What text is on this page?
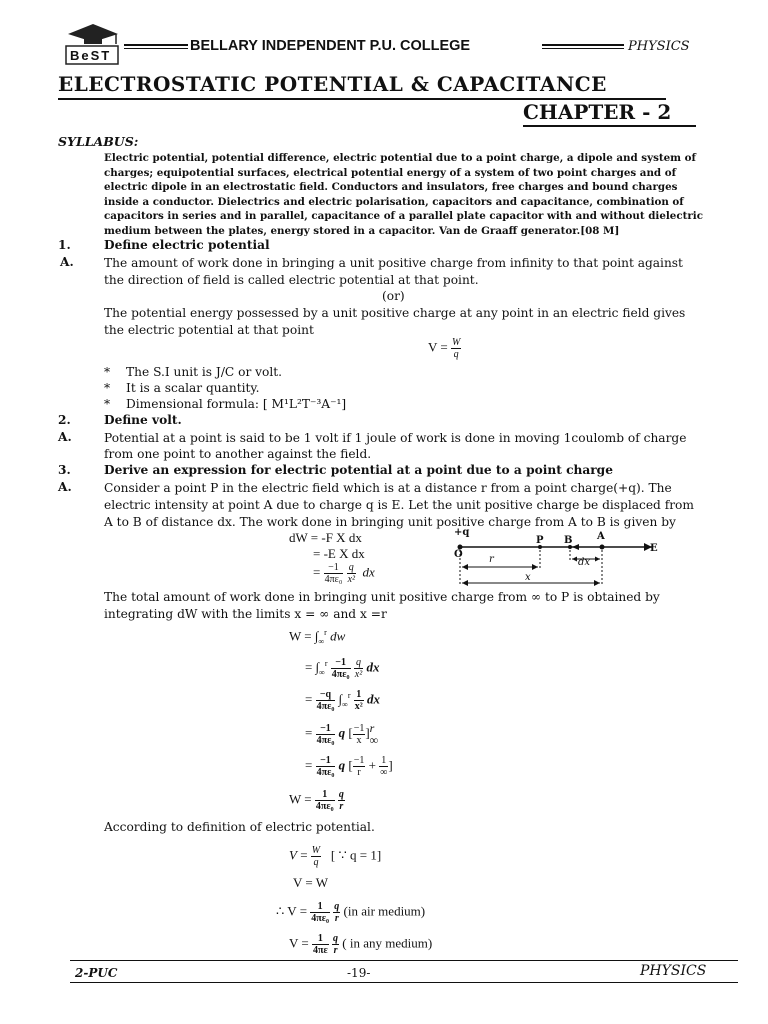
BeST
BELLARY INDEPENDENT P.U. COLLEGE	PHYSICS
ELECTROSTATIC POTENTIAL & CAPACITANCE
CHAPTER - 2
SYLLABUS:
Electric potential, potential difference, electric potential due to a point charge, a dipole and system of
charges; equipotential surfaces, electrical potential energy of a system of two point charges and of
electric dipole in an electrostatic field. Conductors and insulators, free charges and bound charges
inside a conductor. Dielectrics and electric polarisation, capacitors and capacitance, combination of
capacitors in series and in parallel, capacitance of a parallel plate capacitor with and without dielectric
medium between the plates, energy stored in a capacitor. Van de Graaff generator.[08 M]
1.	Define electric potential
A. The amount of work done in bringing a unit positive charge from infinity to that point against
the direction of field is called electric potential at that point.
(or)
The potential energy possessed by a unit positive charge at any point in an electric field gives
the electric potential at that point
$V = \frac{W}{q}$
* The S.I unit is J/C or volt.
* It is a scalar quantity.
* Dimensional formula: [ M¹L²T⁻³A⁻¹]
2.	Define volt.
A.	Potential at a point is said to be 1 volt if 1 joule of work is done in moving 1coulomb of charge
from one point to another against the field.
3.	Derive an expression for electric potential at a point due to a point charge
A.	Consider a point P in the electric field which is at a distance r from a point charge(+q). The
electric intensity at point A due to charge q is E. Let the unit positive charge be displaced from
A to B of distance dx. The work done in bringing unit positive charge from A to B is given by
dW = -F X dx
= -E X dx
= $\frac{-1}{\text{4πε₀}}$
$\frac{q}{\text{x²}}$ dx
+q
O
P B A
E
r	dx
x
The total amount of work done in bringing unit positive charge from ∞ to P is obtained by
integrating dW with the limits x = ∞ and x =r
$W = \int_\infty^r$ dw
= $\int_\infty^r \frac{-1}{\text{4πε₀}}$
$\frac{q}{\text{x²}}$ dx
= $\frac{-q}{\text{4πε₀}} \int_\infty^r \frac{1}{\text{x²}}$ dx
= $\frac{-1}{\text{4πε₀}}$ q [ $\frac{-1}{x} ]r$
∞
= $\frac{-1}{\text{4πε₀}}$ q [ $\frac{-1}{r} + \frac{1}{\infty}$ ]
$W = \frac{1}{\text{4πε₀}}$
$\frac{q}{r}$
According to definition of electric potential.
$V = \frac{W}{q}$ [ ∵ q = 1]
V = W
∴ $V = \frac{1}{\text{4πε₀}}$
$\frac{q}{r} (in$ air medium)
$V = \frac{1}{4\pi\varepsilon}$
$\frac{q}{r}$ ( in any medium)
2-PUC	-19-	PHYSICS
